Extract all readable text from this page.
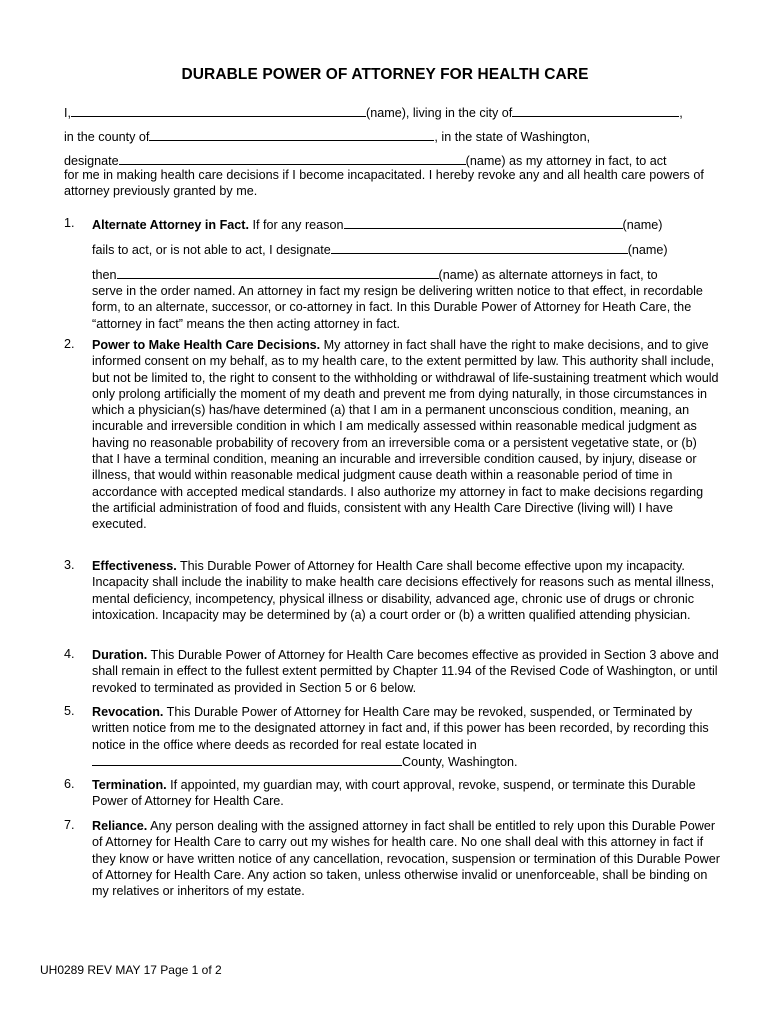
DURABLE POWER OF ATTORNEY FOR HEALTH CARE
I,	(name), living in the city of	,
in the county of	, in the state of Washington,
designate	(name) as my attorney in fact, to act
for me in making health care decisions if I become incapacitated. I hereby revoke any and all health care powers of attorney previously granted by me.
1.	Alternate Attorney in Fact. If for any reason	(name)
fails to act, or is not able to act, I designate	(name)
then	(name) as alternate attorneys in fact, to
serve in the order named. An attorney in fact my resign be delivering written notice to that effect, in recordable form, to an alternate, successor, or co-attorney in fact. In this Durable Power of Attorney for Heath Care, the “attorney in fact” means the then acting attorney in fact.
2.	Power to Make Health Care Decisions. My attorney in fact shall have the right to make decisions, and to give informed consent on my behalf, as to my health care, to the extent permitted by law. This authority shall include, but not be limited to, the right to consent to the withholding or withdrawal of life-sustaining treatment which would only prolong artificially the moment of my death and prevent me from dying naturally, in those circumstances in which a physician(s) has/have determined (a) that I am in a permanent unconscious condition, meaning, an incurable and irreversible condition in which I am medically assessed within reasonable medical judgment as having no reasonable probability of recovery from an irreversible coma or a persistent vegetative state, or (b) that I have a terminal condition, meaning an incurable and irreversible condition caused, by injury, disease or illness, that would within reasonable medical judgment cause death within a reasonable period of time in accordance with accepted medical standards. I also authorize my attorney in fact to make decisions regarding the artificial administration of food and fluids, consistent with any Health Care Directive (living will) I have executed.
3.	Effectiveness. This Durable Power of Attorney for Health Care shall become effective upon my incapacity. Incapacity shall include the inability to make health care decisions effectively for reasons such as mental illness, mental deficiency, incompetency, physical illness or disability, advanced age, chronic use of drugs or chronic intoxication. Incapacity may be determined by (a) a court order or (b) a written qualified attending physician.
4.	Duration. This Durable Power of Attorney for Health Care becomes effective as provided in Section 3 above and shall remain in effect to the fullest extent permitted by Chapter 11.94 of the Revised Code of Washington, or until revoked to terminated as provided in Section 5 or 6 below.
5.	Revocation. This Durable Power of Attorney for Health Care may be revoked, suspended, or Terminated by written notice from me to the designated attorney in fact and, if this power has been recorded, by recording this notice in the office where deeds as recorded for real estate located in
County, Washington.
6.	Termination. If appointed, my guardian may, with court approval, revoke, suspend, or terminate this Durable Power of Attorney for Health Care.
7.	Reliance. Any person dealing with the assigned attorney in fact shall be entitled to rely upon this Durable Power of Attorney for Health Care to carry out my wishes for health care. No one shall deal with this attorney in fact if they know or have written notice of any cancellation, revocation, suspension or termination of this Durable Power of Attorney for Health Care. Any action so taken, unless otherwise invalid or unenforceable, shall be binding on my relatives or inheritors of my estate.
UH0289 REV MAY 17 Page 1 of 2
